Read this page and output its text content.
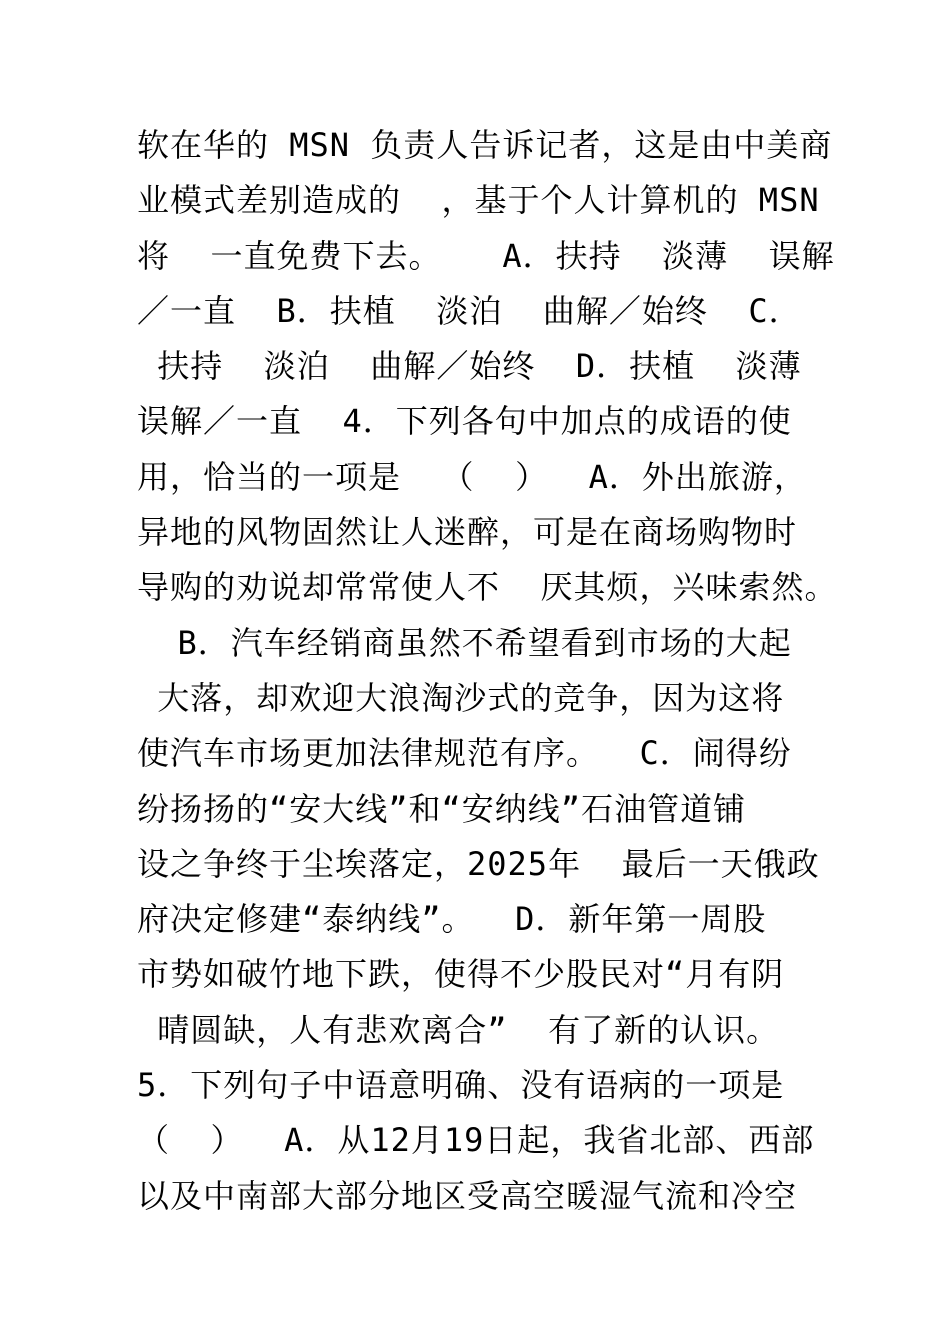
软在华的 MSN 负责人告诉记者，这是由中美商
业模式差别造成的  ，基于个人计算机的 MSN
将  一直免费下去。   A．扶持  淡薄  误解
／一直  B．扶植  淡泊  曲解／始终  C．
扶持  淡泊  曲解／始终  D．扶植  淡薄
误解／一直  4．下列各句中加点的成语的使
用，恰当的一项是  （  ）  A．外出旅游，
异地的风物固然让人迷醉，可是在商场购物时
导购的劝说却常常使人不  厌其烦，兴味索然。
B．汽车经销商虽然不希望看到市场的大起
大落，却欢迎大浪淘沙式的竞争，因为这将
使汽车市场更加法律规范有序。  C．闹得纷
纷扬扬的“安大线”和“安纳线”石油管道铺
设之争终于尘埃落定，2025年  最后一天俄政
府决定修建“泰纳线”。  D．新年第一周股
市势如破竹地下跌，使得不少股民对“月有阴
晴圆缺，人有悲欢离合”  有了新的认识。
5．下列句子中语意明确、没有语病的一项是
（  ）  A．从12月19日起，我省北部、西部
以及中南部大部分地区受高空暖湿气流和冷空
